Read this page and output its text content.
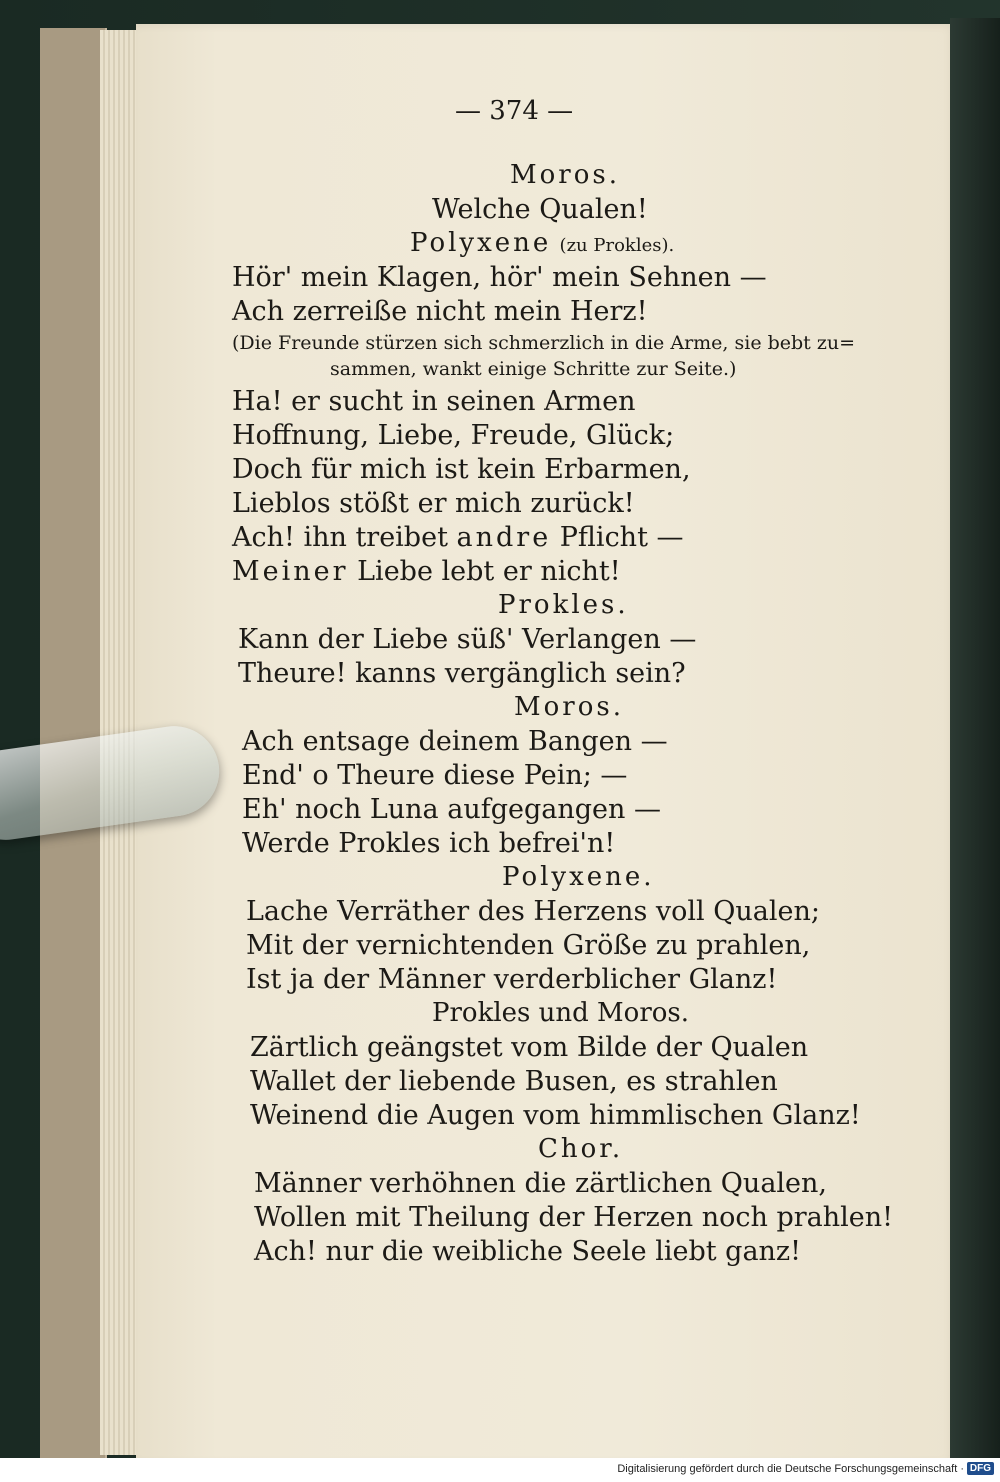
— 374 —
Moros.
Welche Qualen!
Polyxene (zu Prokles).
Hör' mein Klagen, hör' mein Sehnen —
Ach zerreiße nicht mein Herz!
(Die Freunde stürzen sich schmerzlich in die Arme, sie bebt zu=
sammen, wankt einige Schritte zur Seite.)
Ha! er sucht in seinen Armen
Hoffnung, Liebe, Freude, Glück;
Doch für mich ist kein Erbarmen,
Lieblos stößt er mich zurück!
Ach! ihn treibet andre Pflicht —
Meiner Liebe lebt er nicht!
Prokles.
Kann der Liebe süß' Verlangen —
Theure! kanns vergänglich sein?
Moros.
Ach entsage deinem Bangen —
End' o Theure diese Pein; —
Eh' noch Luna aufgegangen —
Werde Prokles ich befrei'n!
Polyxene.
Lache Verräther des Herzens voll Qualen;
Mit der vernichtenden Größe zu prahlen,
Ist ja der Männer verderblicher Glanz!
Prokles und Moros.
Zärtlich geängstet vom Bilde der Qualen
Wallet der liebende Busen, es strahlen
Weinend die Augen vom himmlischen Glanz!
Chor.
Männer verhöhnen die zärtlichen Qualen,
Wollen mit Theilung der Herzen noch prahlen!
Ach! nur die weibliche Seele liebt ganz!
Digitalisierung gefördert durch die Deutsche Forschungsgemeinschaft · DFG
